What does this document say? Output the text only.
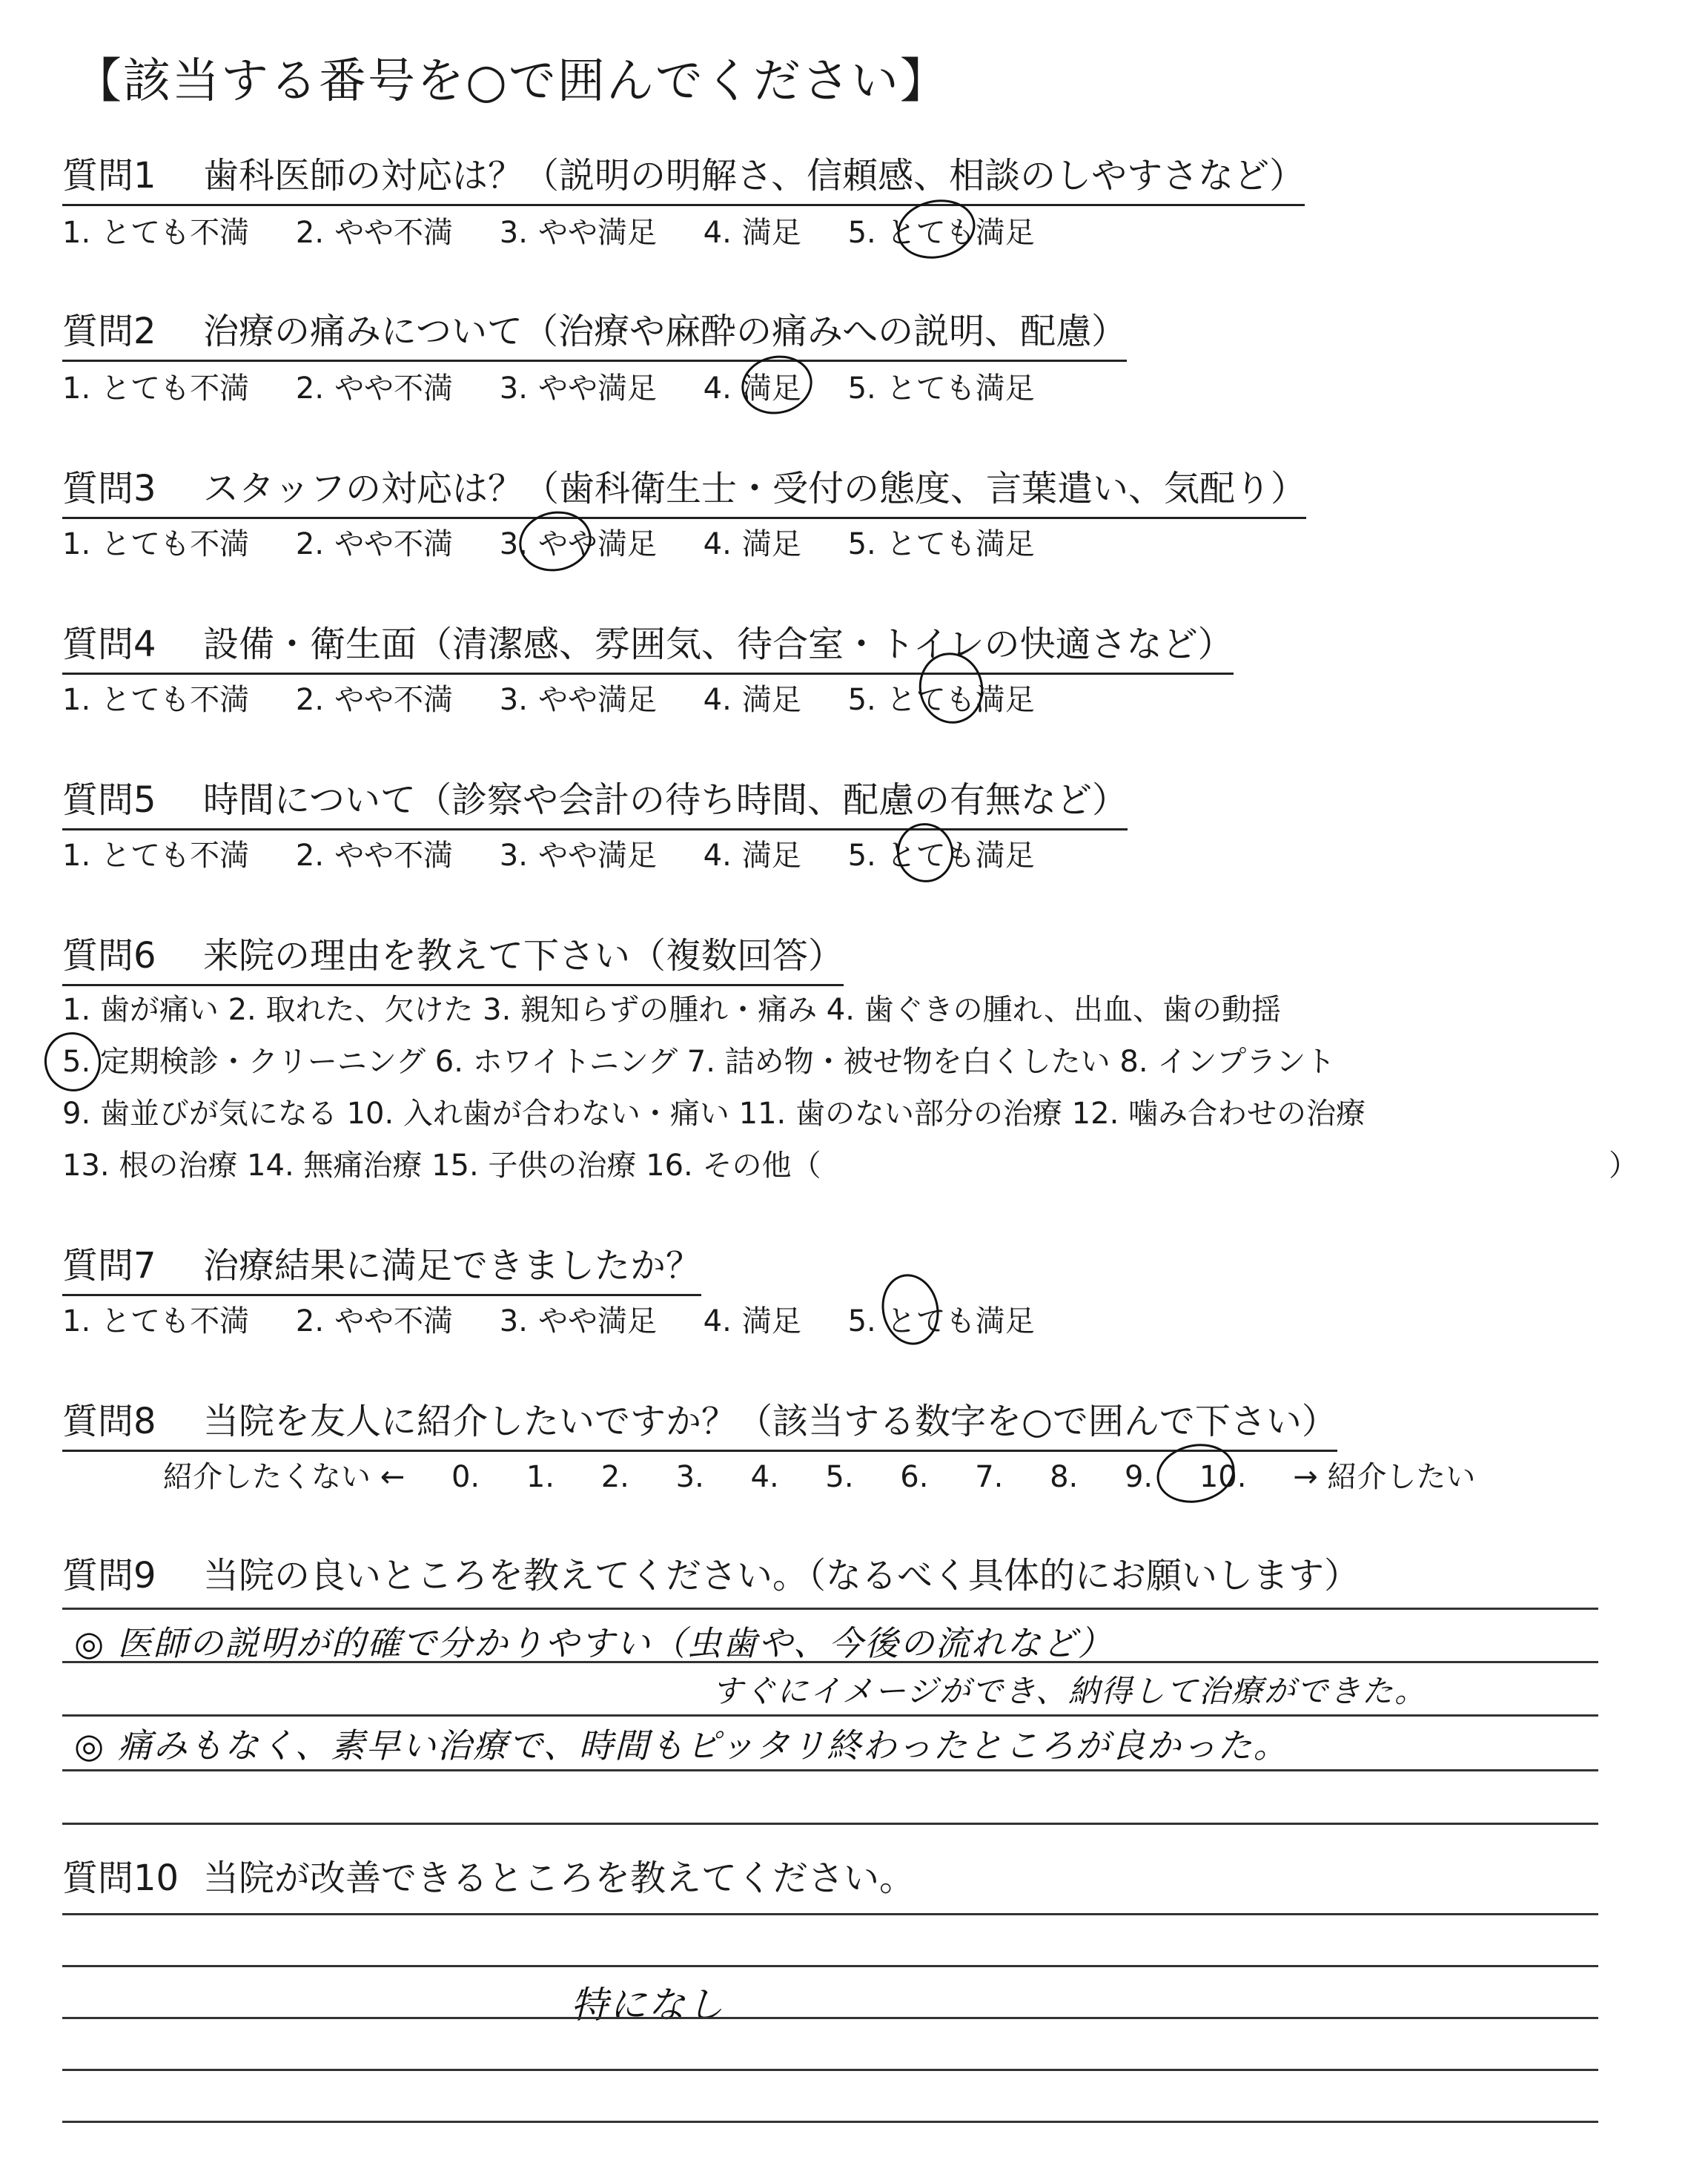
【該当する番号を○で囲んでください】
質問1 歯科医師の対応は？（説明の明解さ、信頼感、相談のしやすさなど）
1. とても不満 2. やや不満 3. やや満足 4. 満足 5. とても満足
質問2 治療の痛みについて（治療や麻酔の痛みへの説明、配慮）
1. とても不満 2. やや不満 3. やや満足 4. 満足 5. とても満足
質問3 スタッフの対応は？（歯科衛生士・受付の態度、言葉遣い、気配り）
1. とても不満 2. やや不満 3. やや満足 4. 満足 5. とても満足
質問4 設備・衛生面（清潔感、雰囲気、待合室・トイレの快適さなど）
1. とても不満 2. やや不満 3. やや満足 4. 満足 5. とても満足
質問5 時間について（診察や会計の待ち時間、配慮の有無など）
1. とても不満 2. やや不満 3. やや満足 4. 満足 5. とても満足
質問6 来院の理由を教えて下さい（複数回答）
1. 歯が痛い 2. 取れた、欠けた 3. 親知らずの腫れ・痛み 4. 歯ぐきの腫れ、出血、歯の動揺
5. 定期検診・クリーニング 6. ホワイトニング 7. 詰め物・被せ物を白くしたい 8. インプラント
9. 歯並びが気になる 10. 入れ歯が合わない・痛い 11. 歯のない部分の治療 12. 噛み合わせの治療
13. 根の治療 14. 無痛治療 15. 子供の治療 16. その他（	）
質問7 治療結果に満足できましたか？
1. とても不満 2. やや不満 3. やや満足 4. 満足 5. とても満足
質問8 当院を友人に紹介したいですか？（該当する数字を○で囲んで下さい）
紹介したくない ← 0. 1. 2. 3. 4. 5. 6. 7. 8. 9. 10. → 紹介したい
質問9 当院の良いところを教えてください。（なるべく具体的にお願いします）
◎ 医師の説明が的確で分かりやすい（虫歯や、今後の流れなど）
すぐにイメージができ、納得して治療ができた。
◎ 痛みもなく、素早い治療で、時間もピッタリ終わったところが良かった。
質問10 当院が改善できるところを教えてください。
特になし
